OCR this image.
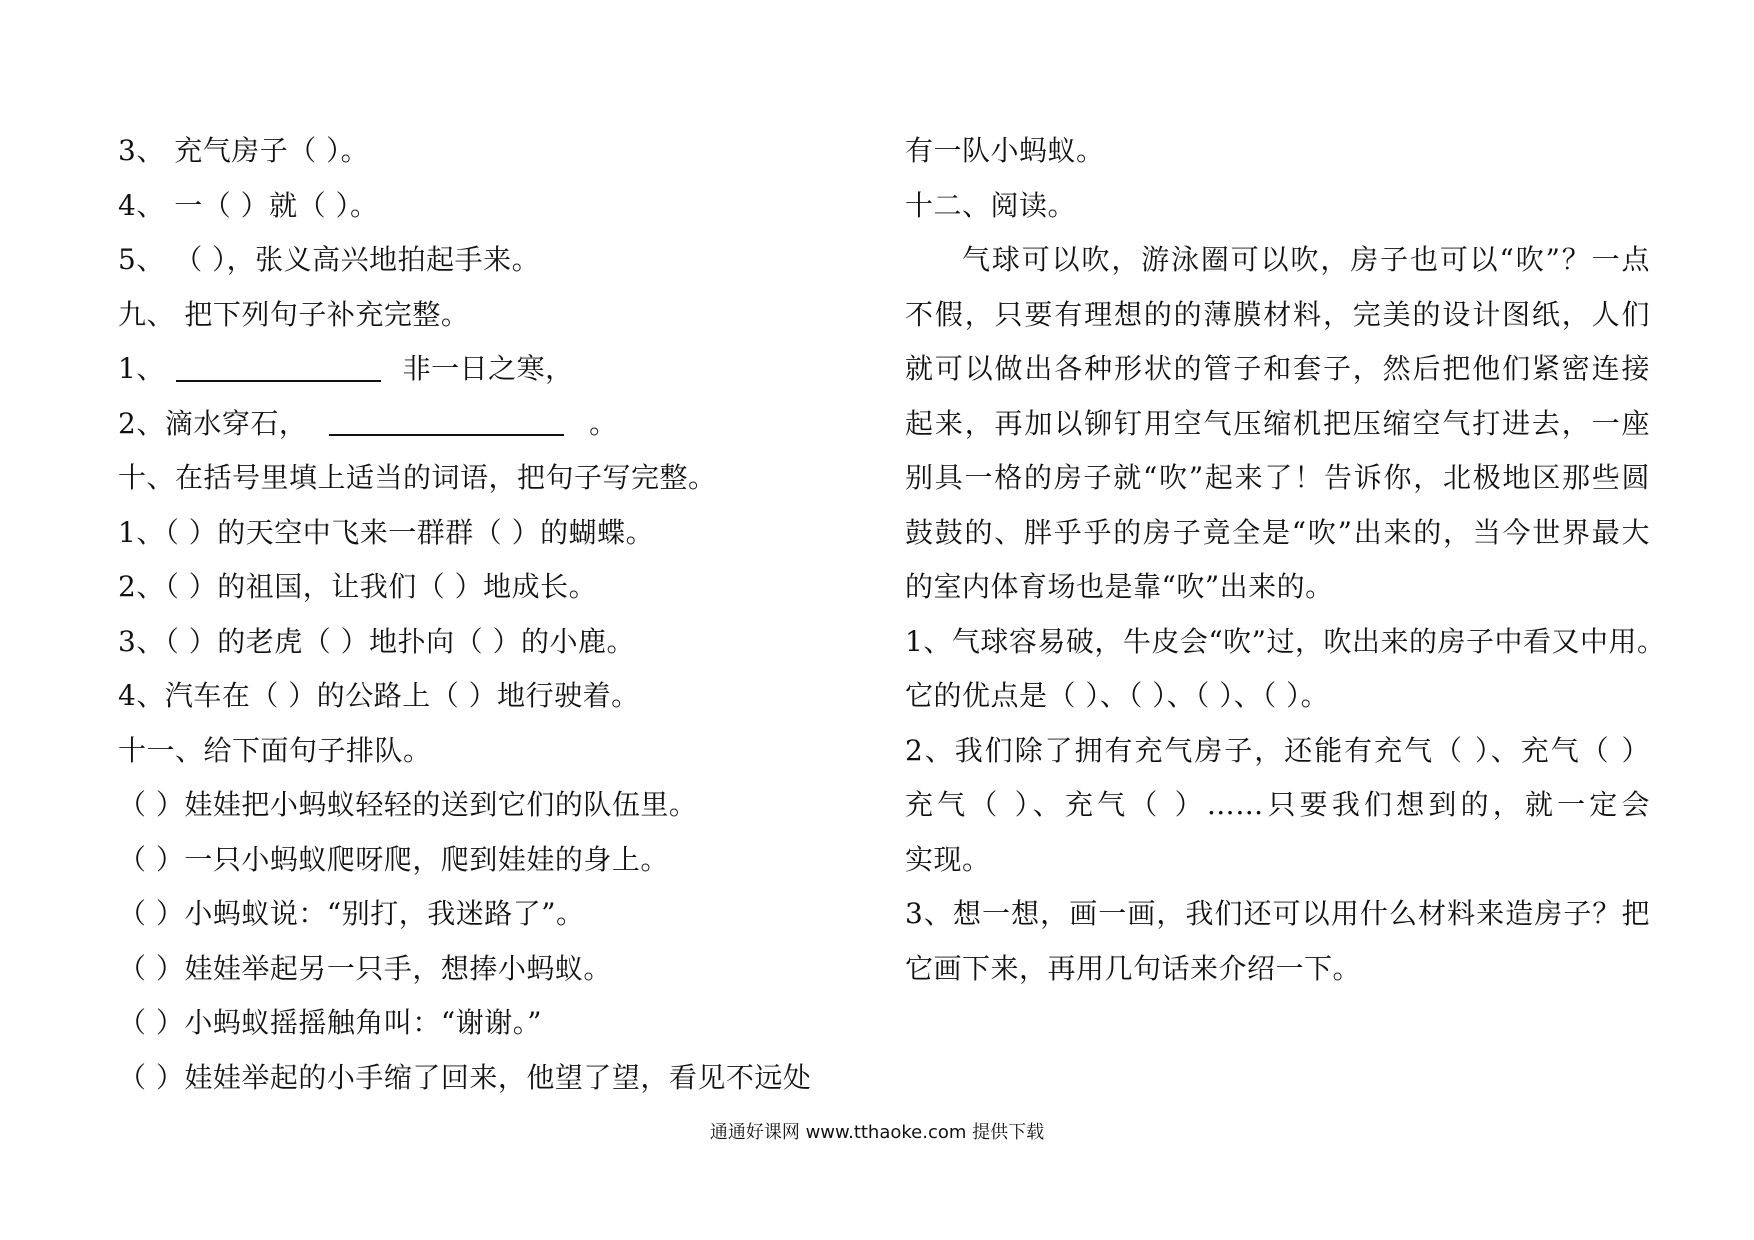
3、 充气房子（ ）。
4、 一（ ）就（ ）。
5、 （ ），张义高兴地拍起手来。
九、 把下列句子补充完整。
1、	非一日之寒，
2、滴水穿石，	。
十、在括号里填上适当的词语，把句子写完整。
1、（ ）的天空中飞来一群群（ ）的蝴蝶。
2、（ ）的祖国，让我们（ ）地成长。
3、（ ）的老虎（ ）地扑向（ ）的小鹿。
4、汽车在（ ）的公路上（ ）地行驶着。
十一、给下面句子排队。
（ ）娃娃把小蚂蚁轻轻的送到它们的队伍里。
（ ）一只小蚂蚁爬呀爬，爬到娃娃的身上。
（ ）小蚂蚁说：“别打，我迷路了”。
（ ）娃娃举起另一只手，想捧小蚂蚁。
（ ）小蚂蚁摇摇触角叫：“谢谢。”
（ ）娃娃举起的小手缩了回来，他望了望，看见不远处
有一队小蚂蚁。
十二、阅读。
气球可以吹，游泳圈可以吹，房子也可以“吹”？一点
不假，只要有理想的的薄膜材料，完美的设计图纸，人们
就可以做出各种形状的管子和套子，然后把他们紧密连接
起来，再加以铆钉用空气压缩机把压缩空气打进去，一座
别具一格的房子就“吹”起来了！告诉你，北极地区那些圆
鼓鼓的、胖乎乎的房子竟全是“吹”出来的，当今世界最大
的室内体育场也是靠“吹”出来的。
1、气球容易破，牛皮会“吹”过，吹出来的房子中看又中用。
它的优点是（ ）、（ ）、（ ）、（ ）。
2、我们除了拥有充气房子，还能有充气（ ）、充气（ ）
充气（ ）、充气（ ）……只要我们想到的，就一定会
实现。
3、想一想，画一画，我们还可以用什么材料来造房子？把
它画下来，再用几句话来介绍一下。
通通好课网 www.tthaoke.com 提供下载
